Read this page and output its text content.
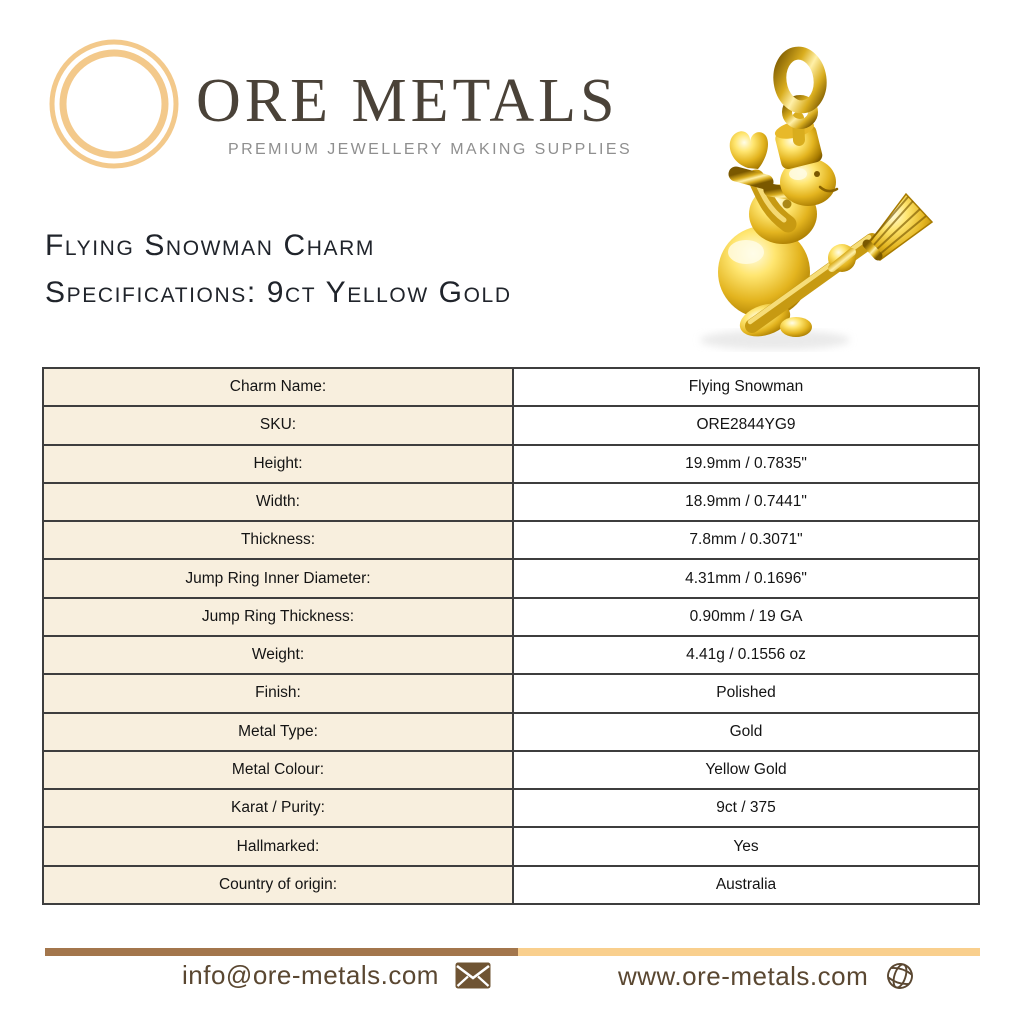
ORE METALS
PREMIUM JEWELLERY MAKING SUPPLIES
Flying Snowman Charm
Specifications: 9ct Yellow Gold
Charm Name:	Flying Snowman
SKU:	ORE2844YG9
Height:	19.9mm / 0.7835"
Width:	18.9mm / 0.7441"
Thickness:	7.8mm / 0.3071"
Jump Ring Inner Diameter:	4.31mm / 0.1696"
Jump Ring Thickness:	0.90mm / 19 GA
Weight:	4.41g / 0.1556 oz
Finish:	Polished
Metal Type:	Gold
Metal Colour:	Yellow Gold
Karat / Purity:	9ct / 375
Hallmarked:	Yes
Country of origin:	Australia
info@ore-metals.com	www.ore-metals.com
